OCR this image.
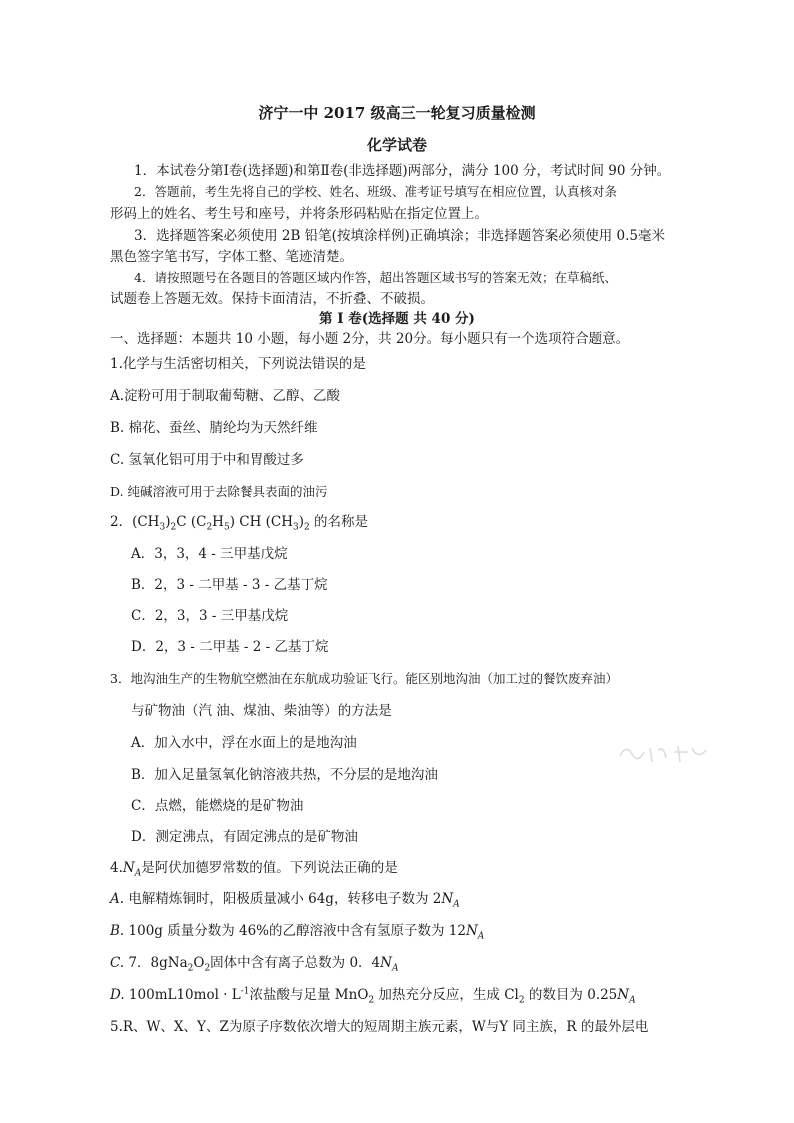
济宁一中 2017 级高三一轮复习质量检测
化学试卷
1．本试卷分第Ⅰ卷(选择题)和第Ⅱ卷(非选择题)两部分，满分 100 分，考试时间 90 分钟。
2．答题前，考生先将自己的学校、姓名、班级、准考证号填写在相应位置，认真核对条
形码上的姓名、考生号和座号，并将条形码粘贴在指定位置上。
3．选择题答案必须使用 2B 铅笔(按填涂样例)正确填涂；非选择题答案必须使用 0.5毫米
黑色签字笔书写，字体工整、笔迹清楚。
4．请按照题号在各题目的答题区域内作答，超出答题区域书写的答案无效；在草稿纸、
试题卷上答题无效。保持卡面清洁，不折叠、不破损。
第 I 卷(选择题 共 40 分)
一、选择题：本题共 10 小题，每小题 2分，共 20分。每小题只有一个选项符合题意。
1.化学与生活密切相关，下列说法错误的是
A.淀粉可用于制取葡萄糖、乙醇、乙酸
B. 棉花、蚕丝、腈纶均为天然纤维
C. 氢氧化铝可用于中和胃酸过多
D. 纯碱溶液可用于去除餐具表面的油污
2．$(CH_3)_2C$ $(C_2H_5)$ CH $(CH_3)_2$ 的名称是
A．3，3，4 - 三甲基戊烷
B．2，3 - 二甲基 - 3 - 乙基丁烷
C．2，3，3 - 三甲基戊烷
D．2，3 - 二甲基 - 2 - 乙基丁烷
3．地沟油生产的生物航空燃油在东航成功验证飞行。能区别地沟油（加工过的餐饮废弃油）
与矿物油（汽 油、煤油、柴油等）的方法是
A．加入水中，浮在水面上的是地沟油
B．加入足量氢氧化钠溶液共热，不分层的是地沟油
C．点燃，能燃烧的是矿物油
D．测定沸点，有固定沸点的是矿物油
$4.N_A$是阿伏加德罗常数的值。下列说法正确的是
A. 电解精炼铜时，阳极质量减小 64g，转移电子数为 $2N_A$
B. 100g 质量分数为 46%的乙醇溶液中含有氢原子数为 $12N_A$
C. 7．$8gNa_2O_2$固体中含有离子总数为 0．$4N_A$
D. $100mL10mol \cdot L^{-1}$浓盐酸与足量 MnO$_2$ 加热充分反应，生成 $Cl_2$ 的数目为 $0.25N_A$
5.R、W、X、Y、Z为原子序数依次增大的短周期主族元素，W与Y 同主族，R 的最外层电
